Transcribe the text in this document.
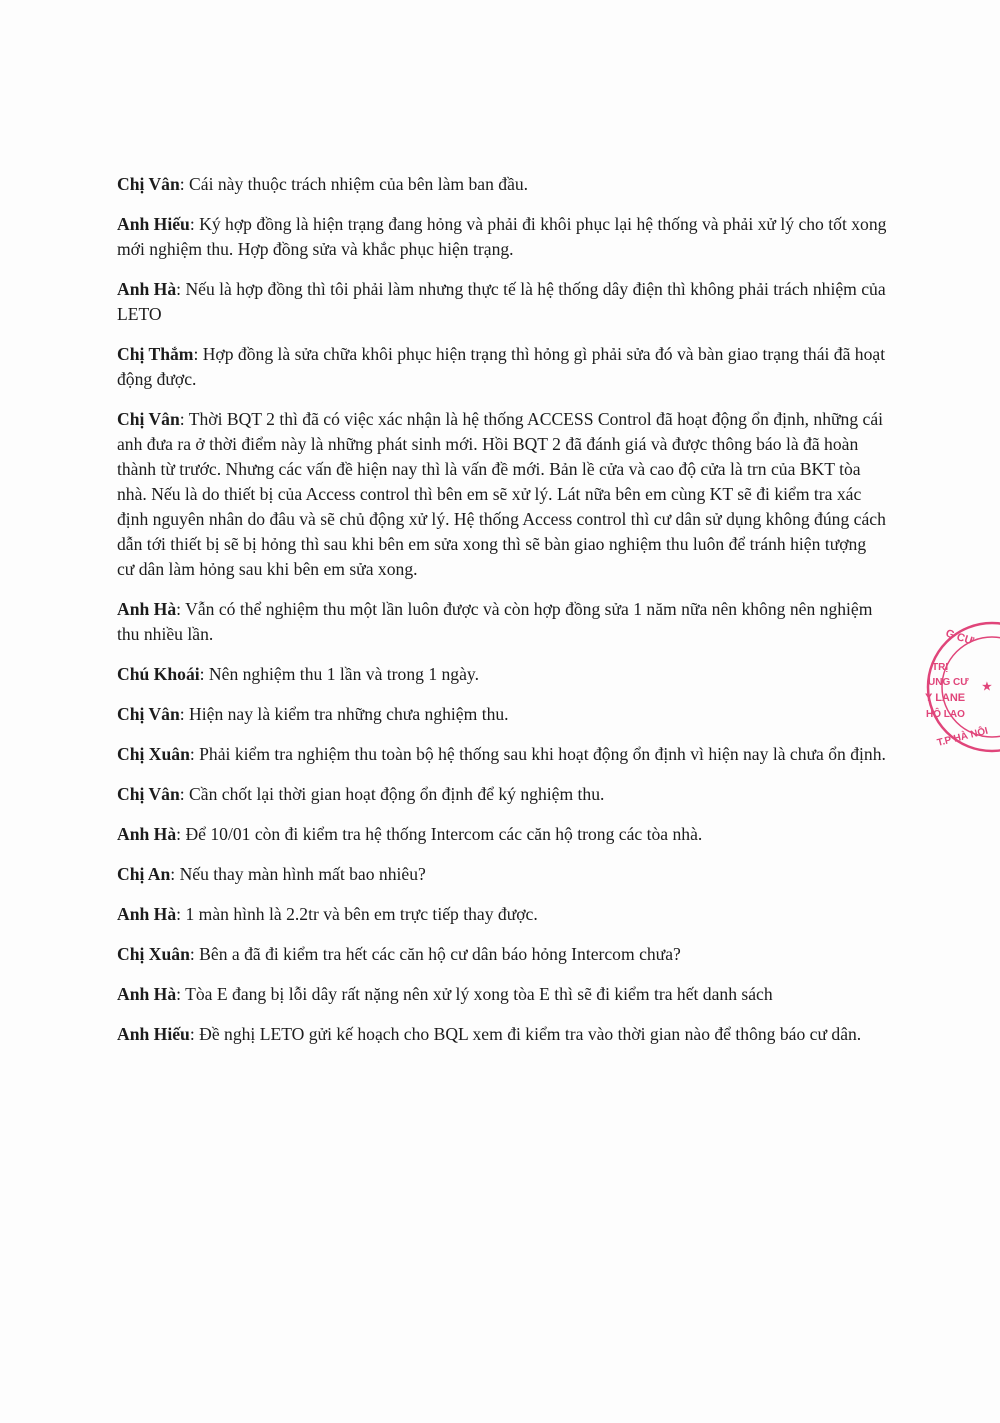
Chị Vân: Cái này thuộc trách nhiệm của bên làm ban đầu.

Anh Hiếu: Ký hợp đồng là hiện trạng đang hỏng và phải đi khôi phục lại hệ thống và phải xử lý cho tốt xong mới nghiệm thu. Hợp đồng sửa và khắc phục hiện trạng.

Anh Hà: Nếu là hợp đồng thì tôi phải làm nhưng thực tế là hệ thống dây điện thì không phải trách nhiệm của LETO

Chị Thắm: Hợp đồng là sửa chữa khôi phục hiện trạng thì hỏng gì phải sửa đó và bàn giao trạng thái đã hoạt động được.

Chị Vân: Thời BQT 2 thì đã có việc xác nhận là hệ thống ACCESS Control đã hoạt động ổn định, những cái anh đưa ra ở thời điểm này là những phát sinh mới. Hồi BQT 2 đã đánh giá và được thông báo là đã hoàn thành từ trước. Nhưng các vấn đề hiện nay thì là vấn đề mới. Bản lề cửa và cao độ cửa là trn của BKT tòa nhà. Nếu là do thiết bị của Access control thì bên em sẽ xử lý. Lát nữa bên em cùng KT sẽ đi kiểm tra xác định nguyên nhân do đâu và sẽ chủ động xử lý. Hệ thống Access control thì cư dân sử dụng không đúng cách dẫn tới thiết bị sẽ bị hỏng thì sau khi bên em sửa xong thì sẽ bàn giao nghiệm thu luôn để tránh hiện tượng cư dân làm hỏng sau khi bên em sửa xong.

Anh Hà: Vẫn có thể nghiệm thu một lần luôn được và còn hợp đồng sửa 1 năm nữa nên không nên nghiệm thu nhiều lần.

Chú Khoái: Nên nghiệm thu 1 lần và trong 1 ngày.

Chị Vân: Hiện nay là kiểm tra những chưa nghiệm thu.

Chị Xuân: Phải kiểm tra nghiệm thu toàn bộ hệ thống sau khi hoạt động ổn định vì hiện nay là chưa ổn định.

Chị Vân: Cần chốt lại thời gian hoạt động ổn định để ký nghiệm thu.

Anh Hà: Để 10/01 còn đi kiểm tra hệ thống Intercom các căn hộ trong các tòa nhà.

Chị An: Nếu thay màn hình mất bao nhiêu?

Anh Hà: 1 màn hình là 2.2tr và bên em trực tiếp thay được.

Chị Xuân: Bên a đã đi kiểm tra hết các căn hộ cư dân báo hỏng Intercom chưa?

Anh Hà: Tòa E đang bị lỗi dây rất nặng nên xử lý xong tòa E thì sẽ đi kiểm tra hết danh sách

Anh Hiếu: Đề nghị LETO gửi kế hoạch cho BQL xem đi kiểm tra vào thời gian nào để thông báo cư dân.

G CƯ
TRỊ
UNG CƯ
Y LANE
HỘ LAO
★
T.P HÀ NỘI
